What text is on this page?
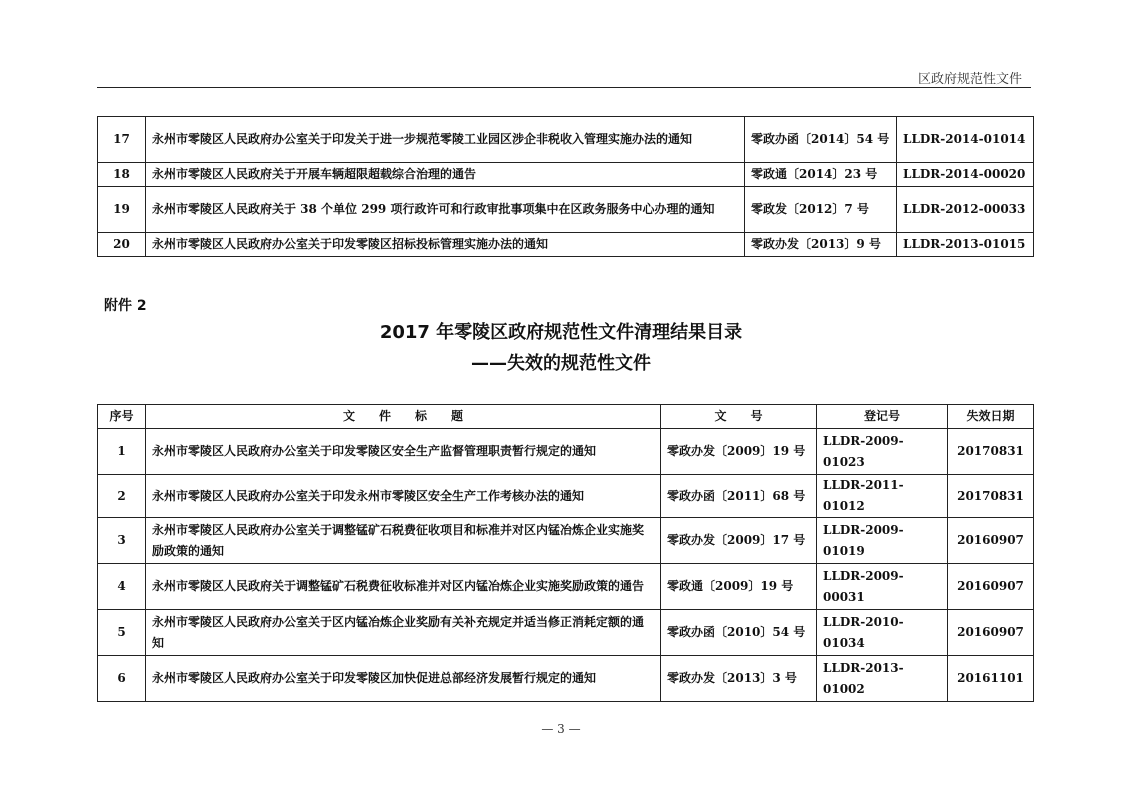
区政府规范性文件
17	永州市零陵区人民政府办公室关于印发关于进一步规范零陵工业园区涉企非税收入管理实施办法的通知	零政办函〔2014〕54 号	LLDR-2014-01014
18	永州市零陵区人民政府关于开展车辆超限超载综合治理的通告	零政通〔2014〕23 号	LLDR-2014-00020
19	永州市零陵区人民政府关于 38 个单位 299 项行政许可和行政审批事项集中在区政务服务中心办理的通知	零政发〔2012〕7 号	LLDR-2012-00033
20	永州市零陵区人民政府办公室关于印发零陵区招标投标管理实施办法的通知	零政办发〔2013〕9 号	LLDR-2013-01015
附件 2
2017 年零陵区政府规范性文件清理结果目录
——失效的规范性文件
序号	文　　件　　标　　题	文　　号	登记号	失效日期
1	永州市零陵区人民政府办公室关于印发零陵区安全生产监督管理职责暂行规定的通知	零政办发〔2009〕19 号	LLDR-2009-01023	20170831
2	永州市零陵区人民政府办公室关于印发永州市零陵区安全生产工作考核办法的通知	零政办函〔2011〕68 号	LLDR-2011-01012	20170831
3	永州市零陵区人民政府办公室关于调整锰矿石税费征收项目和标准并对区内锰冶炼企业实施奖励政策的通知	零政办发〔2009〕17 号	LLDR-2009-01019	20160907
4	永州市零陵区人民政府关于调整锰矿石税费征收标准并对区内锰冶炼企业实施奖励政策的通告	零政通〔2009〕19 号	LLDR-2009-00031	20160907
5	永州市零陵区人民政府办公室关于区内锰冶炼企业奖励有关补充规定并适当修正消耗定额的通知	零政办函〔2010〕54 号	LLDR-2010-01034	20160907
6	永州市零陵区人民政府办公室关于印发零陵区加快促进总部经济发展暂行规定的通知	零政办发〔2013〕3 号	LLDR-2013-01002	20161101
— 3 —
